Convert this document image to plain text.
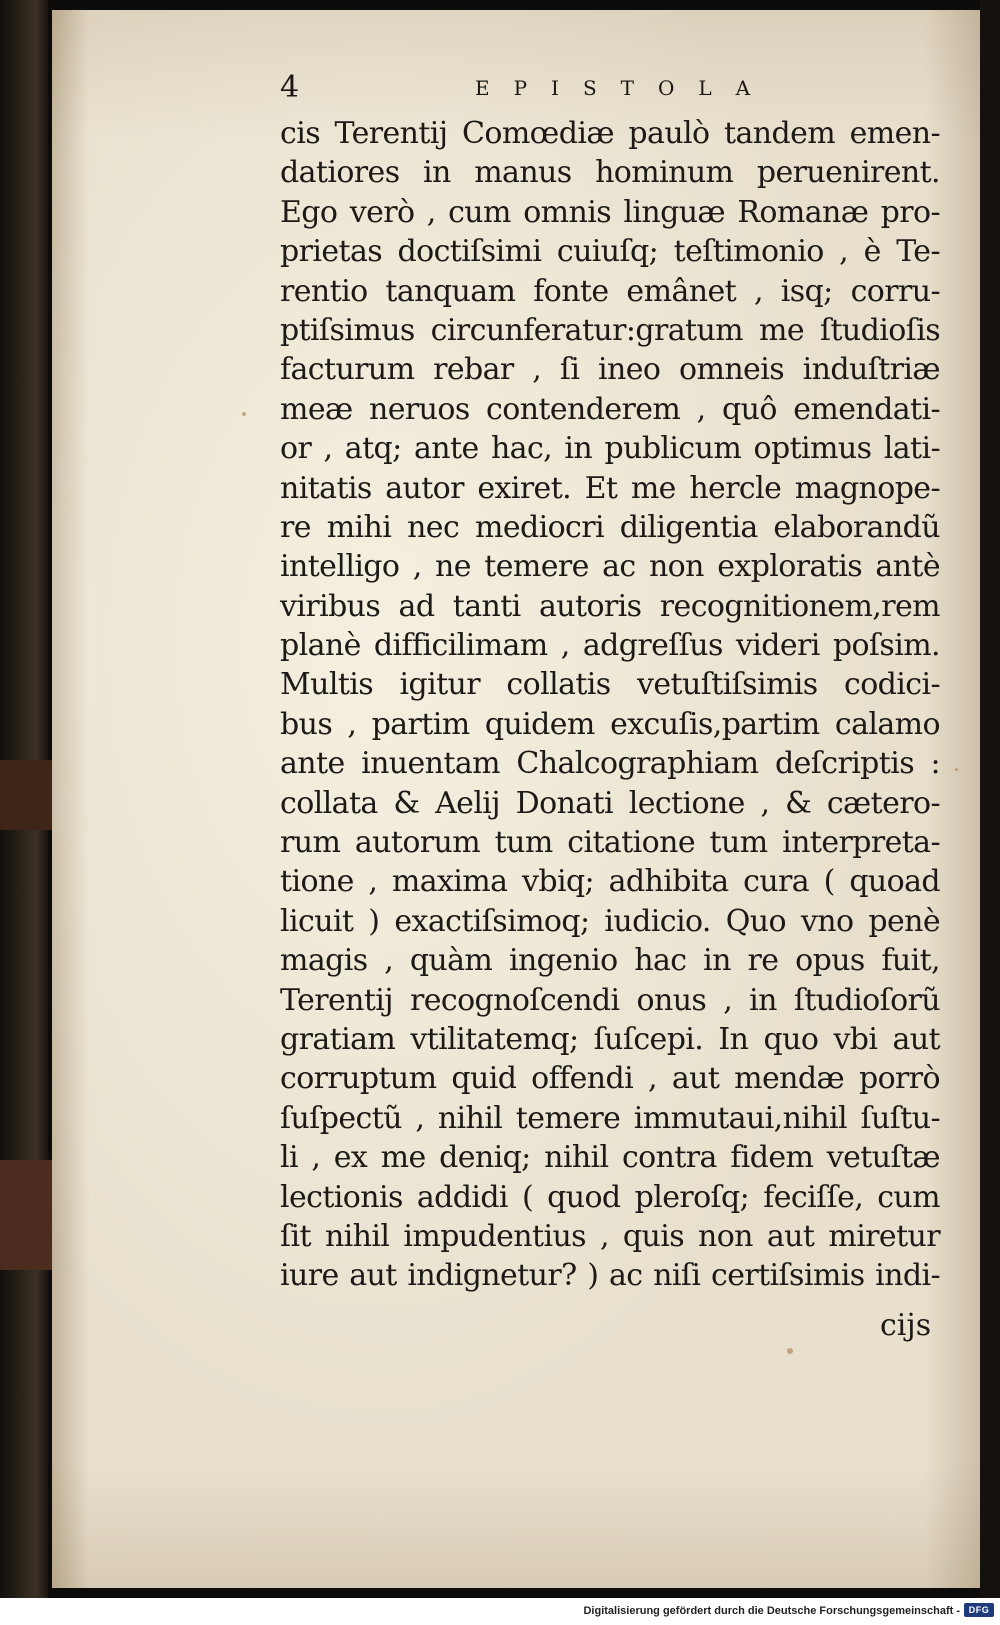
4	EPISTOLA
cis Terentij Comœdiæ paulò tandem emen-
datiores in manus hominum peruenirent.
Ego verò , cum omnis linguæ Romanæ pro-
prietas doctiſsimi cuiuſq; teſtimonio , è Te-
rentio tanquam fonte emânet , isq; corru-
ptiſsimus circunferatur:gratum me ſtudioſis
facturum rebar , ſi ineo omneis induſtriæ
meæ neruos contenderem , quô emendati-
or , atq; ante hac, in publicum optimus lati-
nitatis autor exiret. Et me hercle magnope-
re mihi nec mediocri diligentia elaborandũ
intelligo , ne temere ac non exploratis antè
viribus ad tanti autoris recognitionem,rem
planè difficilimam , adgreſſus videri poſsim.
Multis igitur collatis vetuſtiſsimis codici-
bus , partim quidem excuſis,partim calamo
ante inuentam Chalcographiam deſcriptis :
collata & Aelij Donati lectione , & cætero-
rum autorum tum citatione tum interpreta-
tione , maxima vbiq; adhibita cura ( quoad
licuit ) exactiſsimoq; iudicio. Quo vno penè
magis , quàm ingenio hac in re opus fuit,
Terentij recognoſcendi onus , in ſtudioſorũ
gratiam vtilitatemq; ſuſcepi. In quo vbi aut
corruptum quid offendi , aut mendæ porrò
ſuſpectũ , nihil temere immutaui,nihil ſuſtu-
li , ex me deniq; nihil contra fidem vetuſtæ
lectionis addidi ( quod pleroſq; feciſſe, cum
ſit nihil impudentius , quis non aut miretur
iure aut indignetur? ) ac niſi certiſsimis indi-
cijs
Digitalisierung gefördert durch die Deutsche Forschungsgemeinschaft - DFG
